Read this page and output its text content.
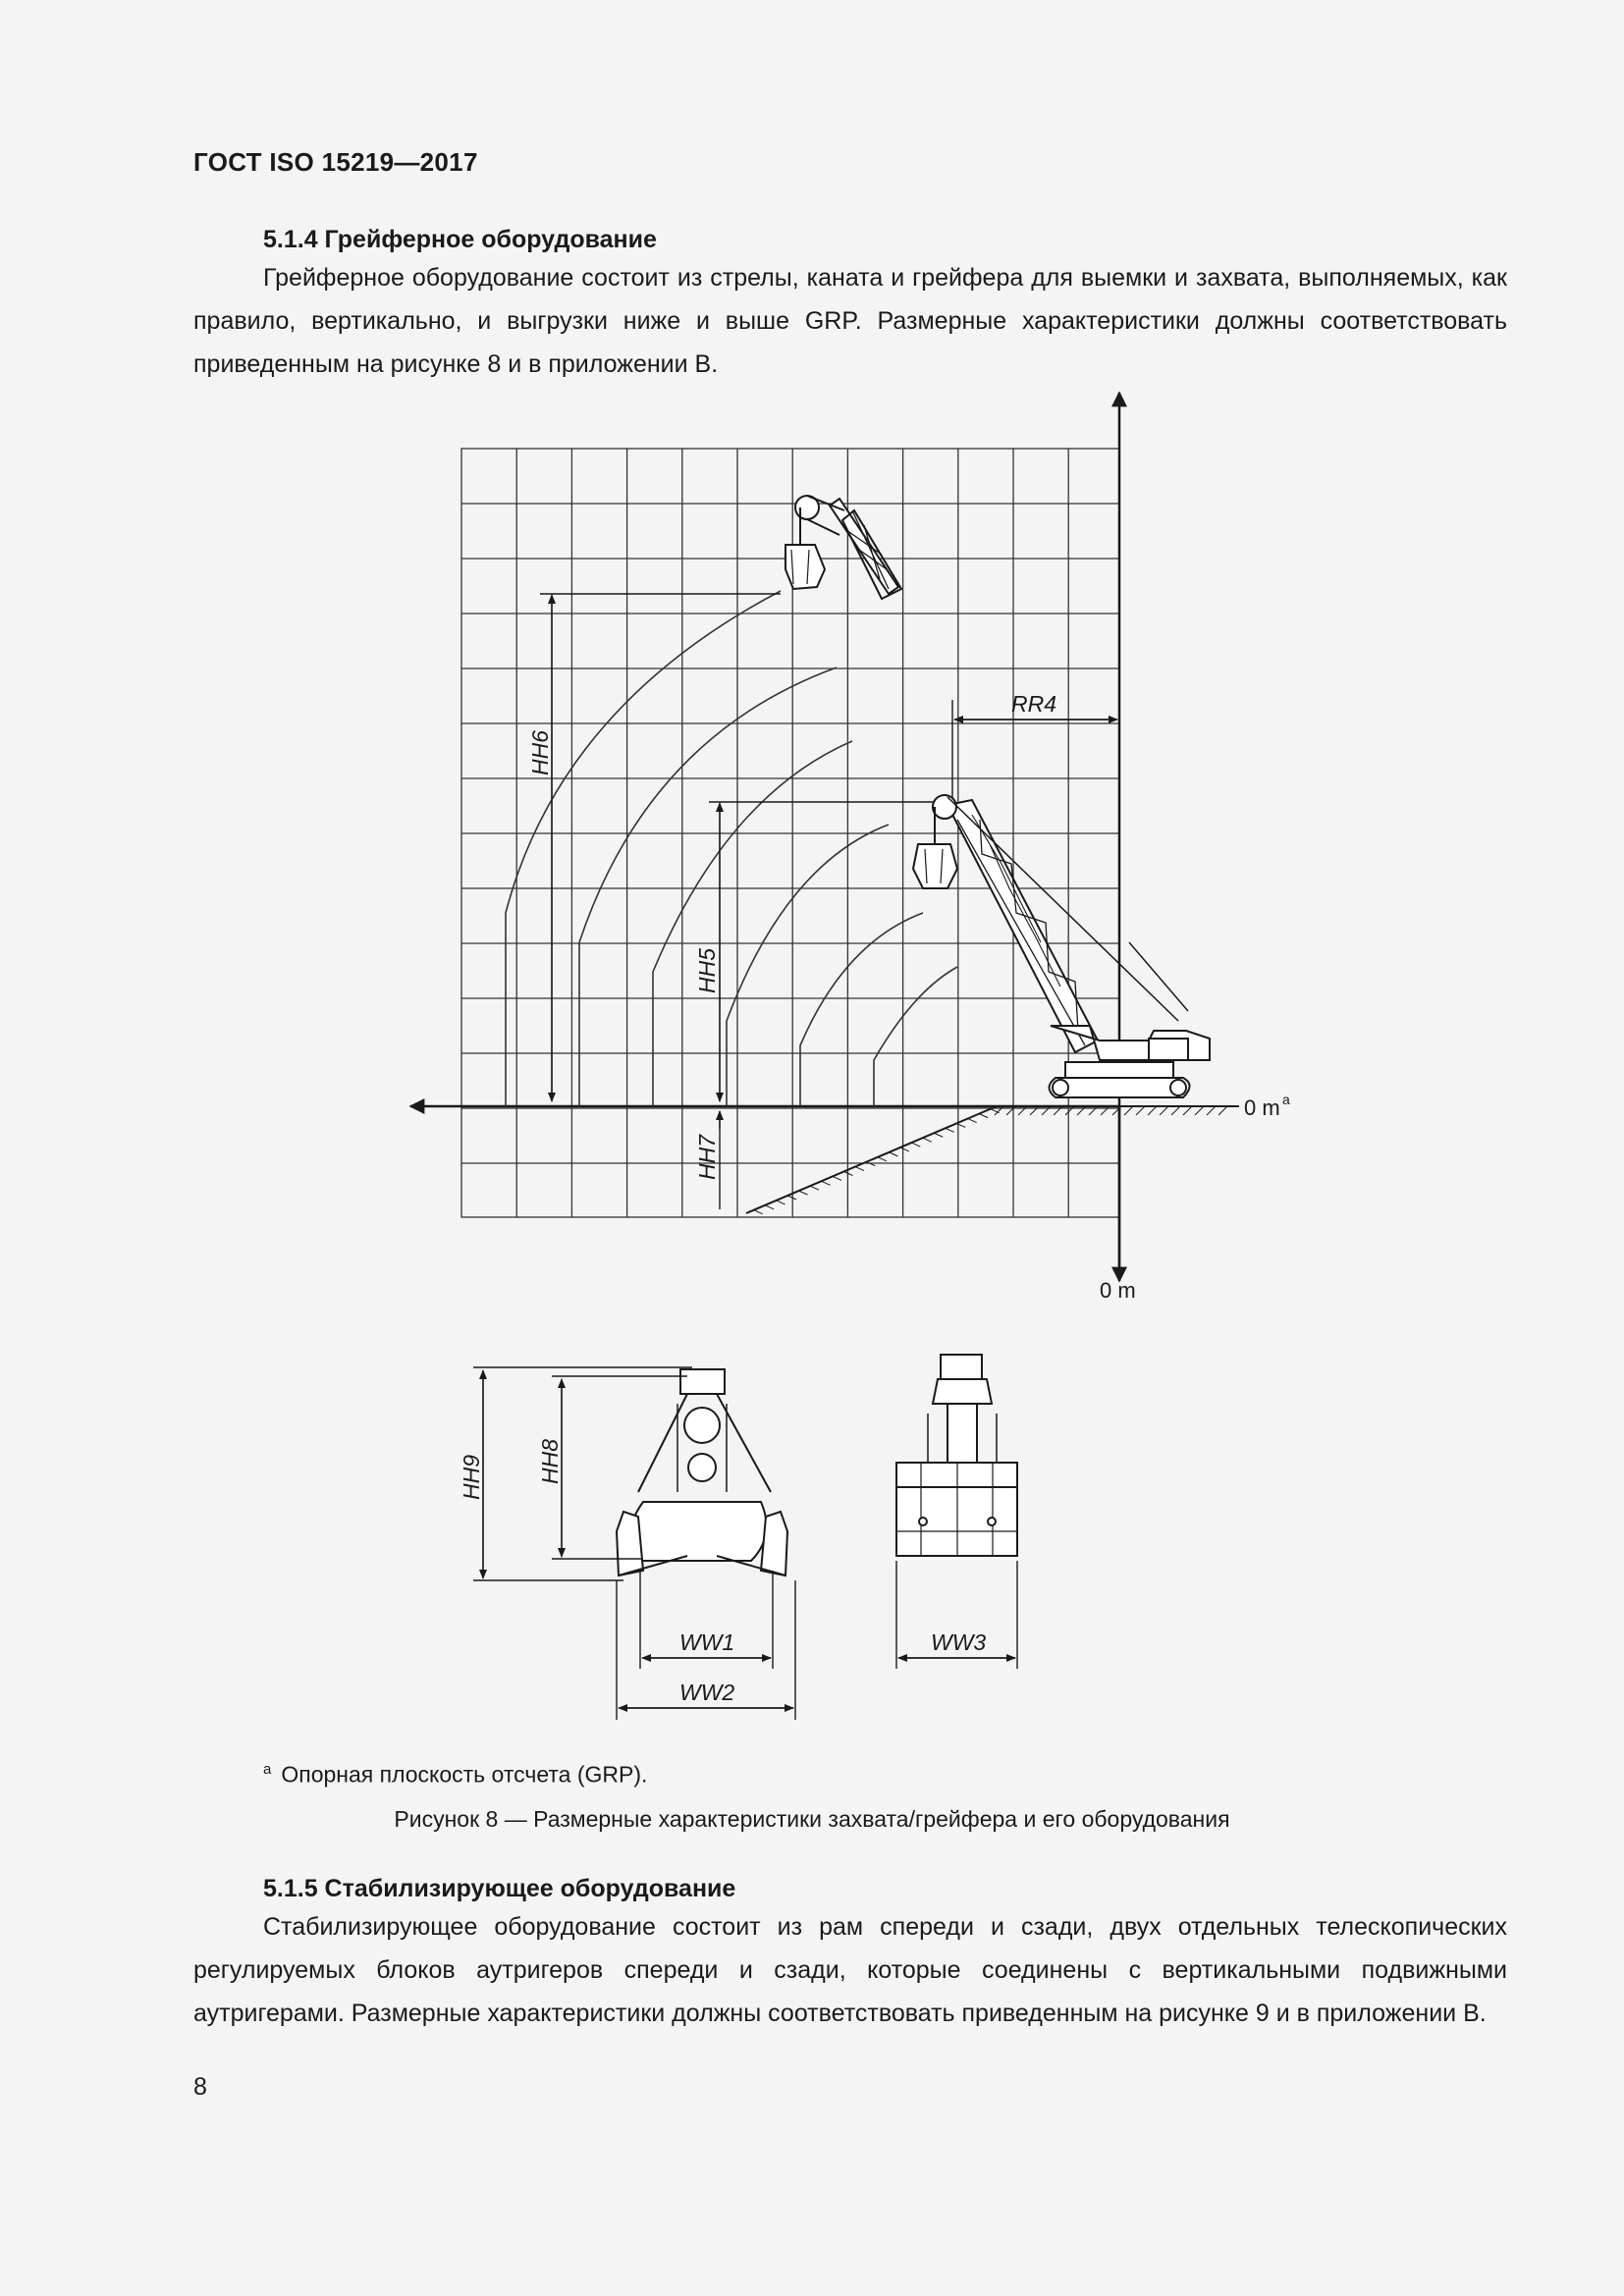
ГОСТ ISO 15219—2017
5.1.4 Грейферное оборудование
Грейферное оборудование состоит из стрелы, каната и грейфера для выемки и захвата, выполняемых, как правило, вертикально, и выгрузки ниже и выше GRP. Размерные характеристики должны соответствовать приведенным на рисунке 8 и в приложении В.
HH6
HH5
HH7
RR4
0 m a
0 m
HH9 HH8
WW1
WW2
WW3
$^a$ Опорная плоскость отсчета (GRP).
Рисунок 8 — Размерные характеристики захвата/грейфера и его оборудования
5.1.5 Стабилизирующее оборудование
Стабилизирующее оборудование состоит из рам спереди и сзади, двух отдельных телескопических регулируемых блоков аутригеров спереди и сзади, которые соединены с вертикальными подвижными аутригерами. Размерные характеристики должны соответствовать приведенным на рисунке 9 и в приложении В.
8
